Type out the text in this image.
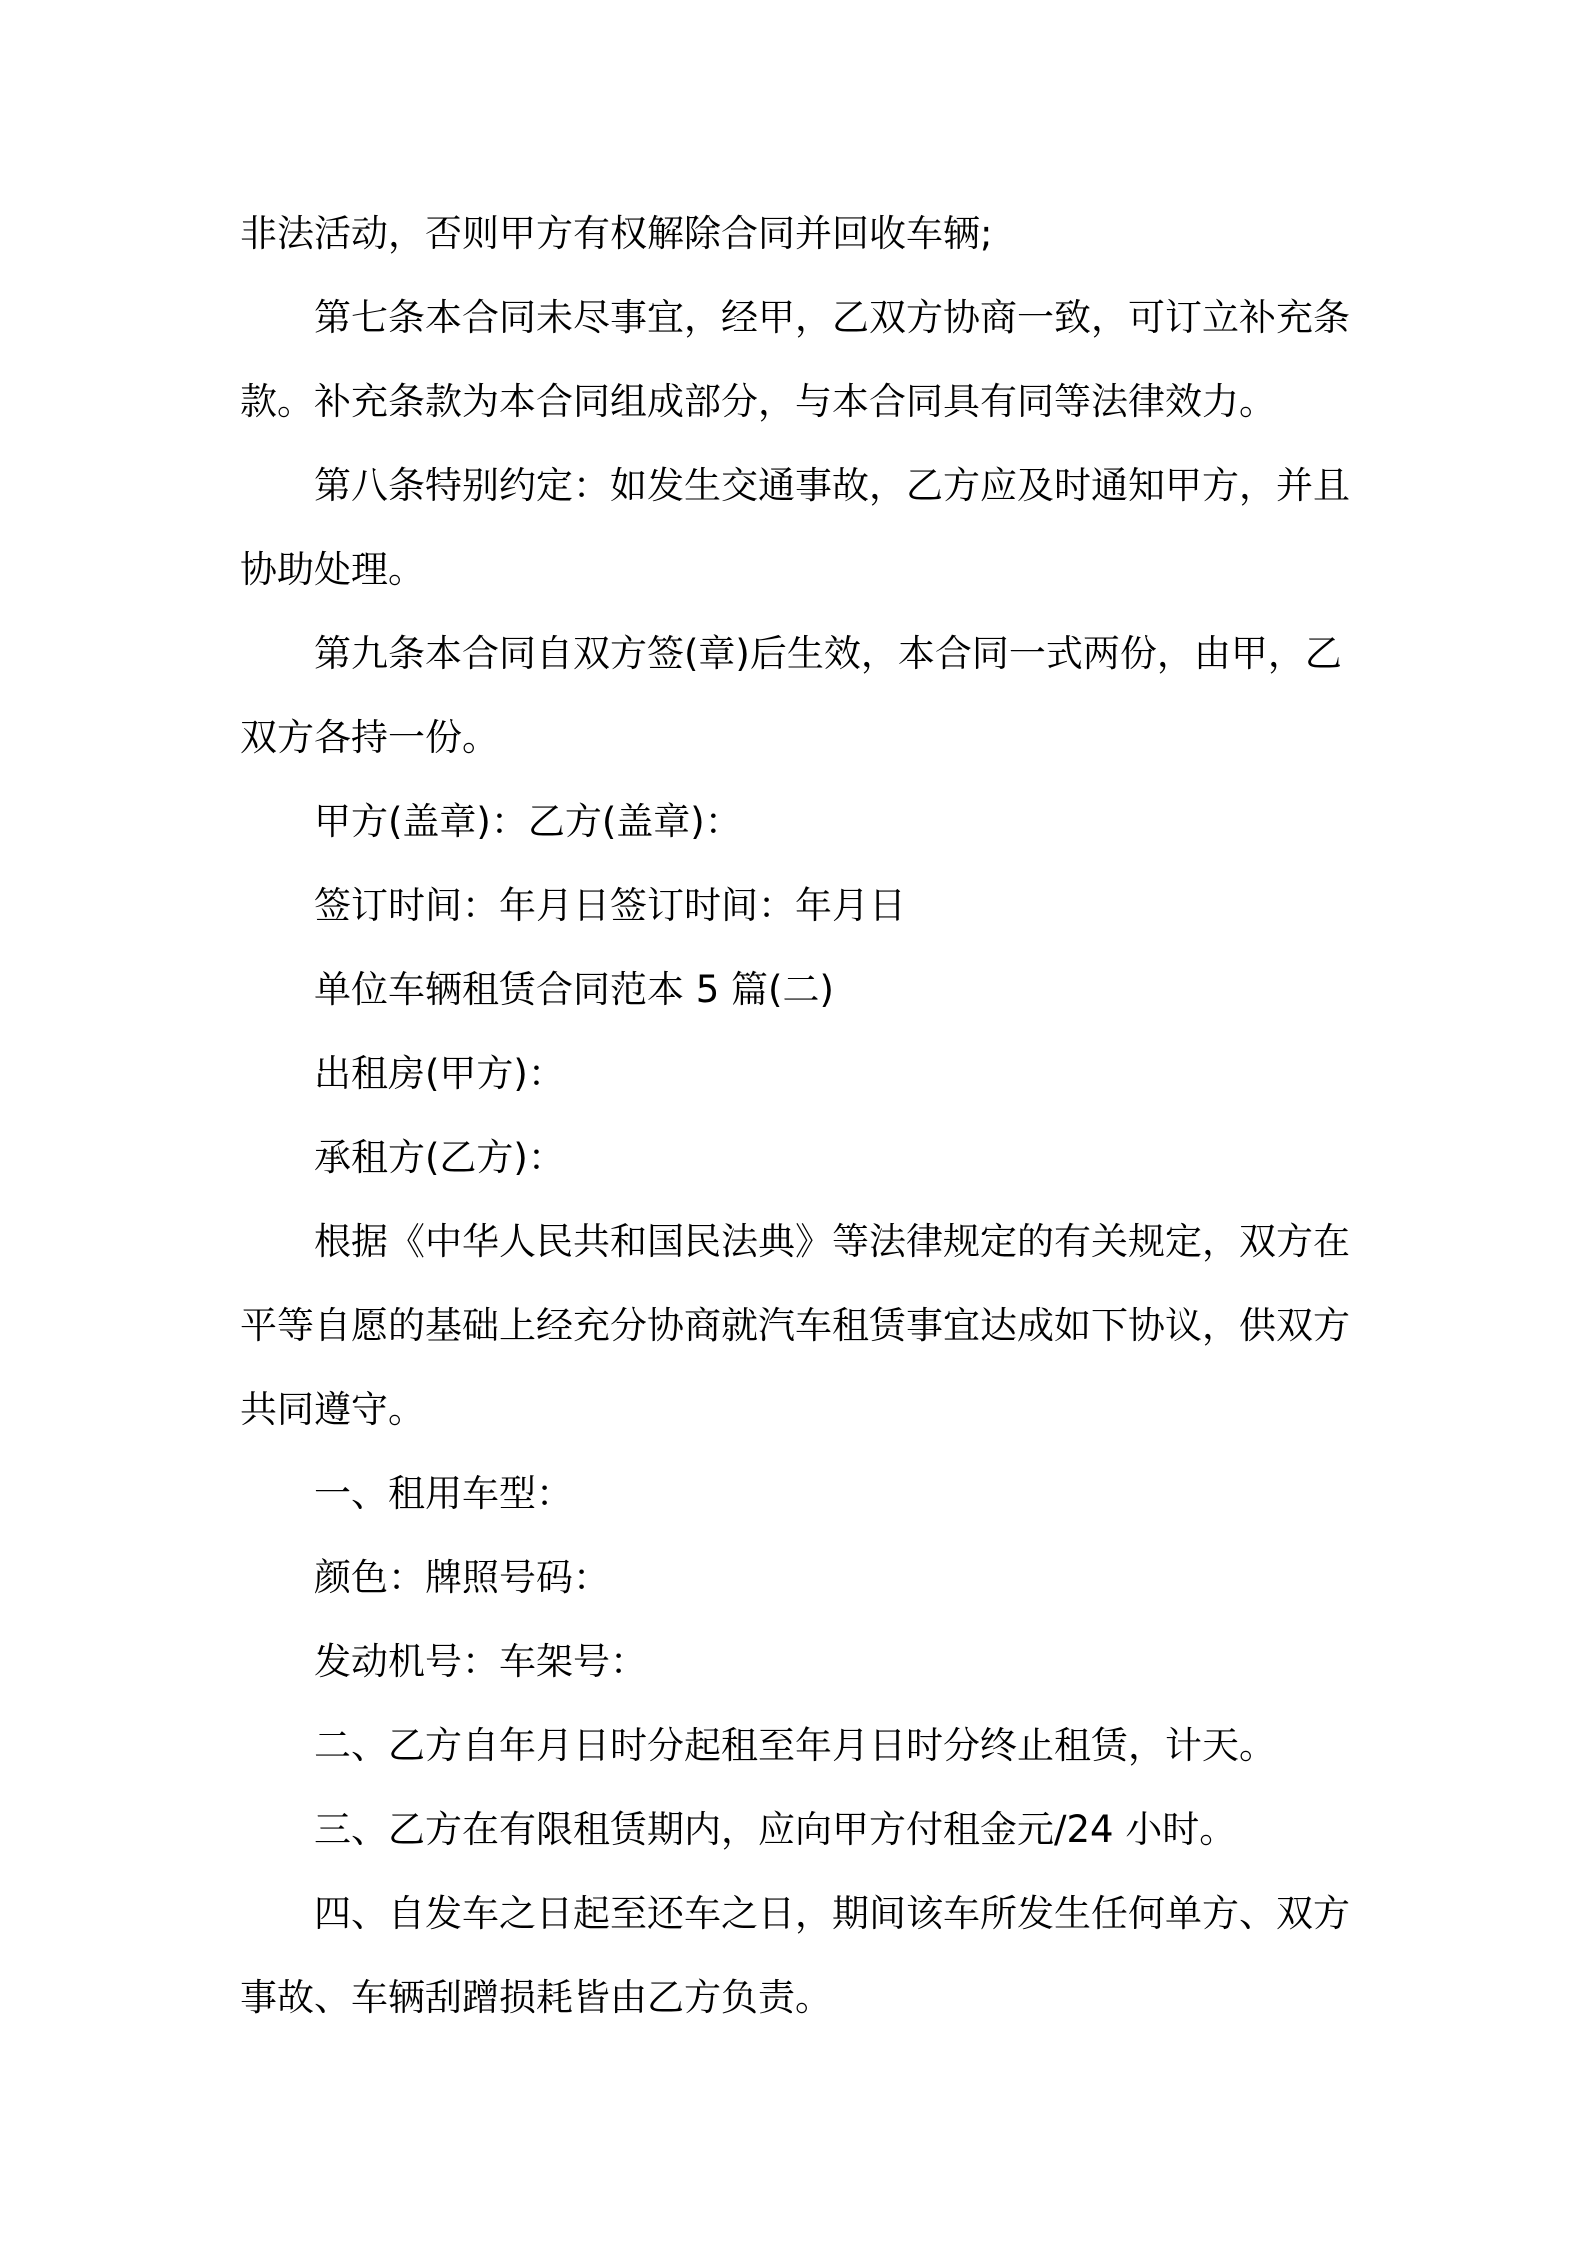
非法活动，否则甲方有权解除合同并回收车辆;
第七条本合同未尽事宜，经甲，乙双方协商一致，可订立补充条
款。补充条款为本合同组成部分，与本合同具有同等法律效力。
第八条特别约定：如发生交通事故，乙方应及时通知甲方，并且
协助处理。
第九条本合同自双方签(章)后生效，本合同一式两份，由甲，乙
双方各持一份。
甲方(盖章)：乙方(盖章)：
签订时间：年月日签订时间：年月日
单位车辆租赁合同范本 5 篇(二)
出租房(甲方)：
承租方(乙方)：
根据《中华人民共和国民法典》等法律规定的有关规定，双方在
平等自愿的基础上经充分协商就汽车租赁事宜达成如下协议，供双方
共同遵守。
一、租用车型：
颜色：牌照号码：
发动机号：车架号：
二、乙方自年月日时分起租至年月日时分终止租赁，计天。
三、乙方在有限租赁期内，应向甲方付租金元/24 小时。
四、自发车之日起至还车之日，期间该车所发生任何单方、双方
事故、车辆刮蹭损耗皆由乙方负责。
